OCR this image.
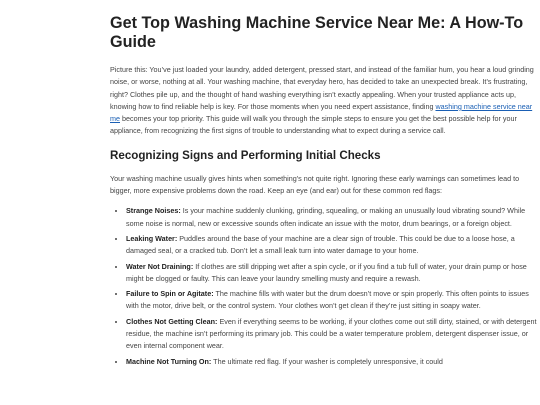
Get Top Washing Machine Service Near Me: A How-To Guide

Picture this: You’ve just loaded your laundry, added detergent, pressed start, and instead of the familiar hum, you hear a loud grinding noise, or worse, nothing at all. Your washing machine, that everyday hero, has decided to take an unexpected break. It’s frustrating, right? Clothes pile up, and the thought of hand washing everything isn’t exactly appealing. When your trusted appliance acts up, knowing how to find reliable help is key. For those moments when you need expert assistance, finding washing machine service near me becomes your top priority. This guide will walk you through the simple steps to ensure you get the best possible help for your appliance, from recognizing the first signs of trouble to understanding what to expect during a service call.

Recognizing Signs and Performing Initial Checks

Your washing machine usually gives hints when something’s not quite right. Ignoring these early warnings can sometimes lead to bigger, more expensive problems down the road. Keep an eye (and ear) out for these common red flags:

• Strange Noises: Is your machine suddenly clunking, grinding, squealing, or making an unusually loud vibrating sound? While some noise is normal, new or excessive sounds often indicate an issue with the motor, drum bearings, or a foreign object.
• Leaking Water: Puddles around the base of your machine are a clear sign of trouble. This could be due to a loose hose, a damaged seal, or a cracked tub. Don’t let a small leak turn into water damage to your home.
• Water Not Draining: If clothes are still dripping wet after a spin cycle, or if you find a tub full of water, your drain pump or hose might be clogged or faulty. This can leave your laundry smelling musty and require a rewash.
• Failure to Spin or Agitate: The machine fills with water but the drum doesn’t move or spin properly. This often points to issues with the motor, drive belt, or the control system. Your clothes won’t get clean if they’re just sitting in soapy water.
• Clothes Not Getting Clean: Even if everything seems to be working, if your clothes come out still dirty, stained, or with detergent residue, the machine isn’t performing its primary job. This could be a water temperature problem, detergent dispenser issue, or even internal component wear.
• Machine Not Turning On: The ultimate red flag. If your washer is completely unresponsive, it could
